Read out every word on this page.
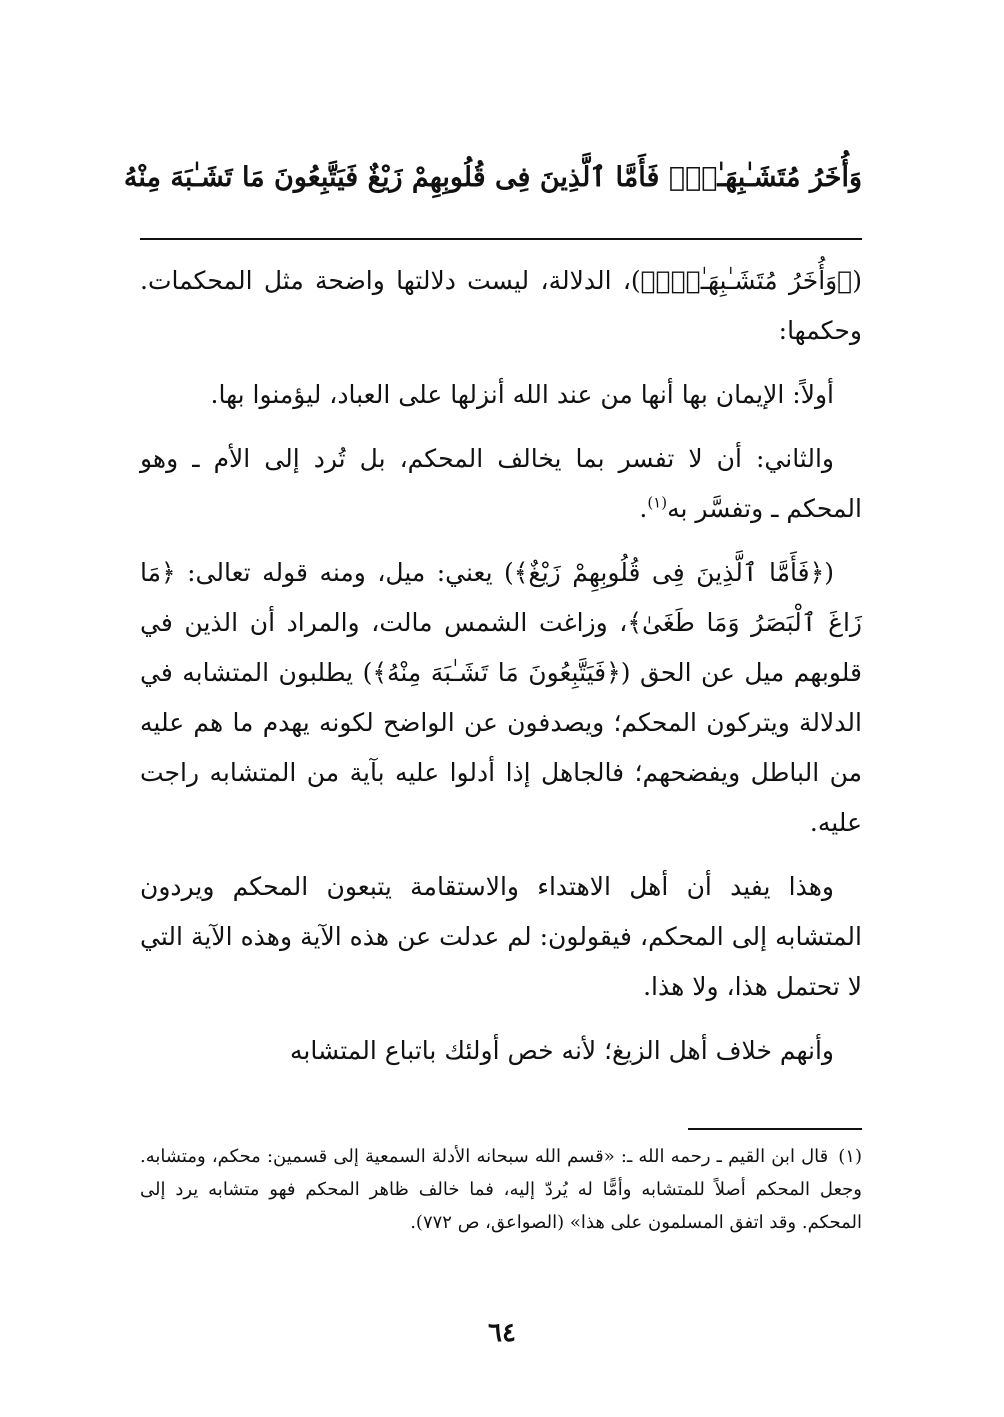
وَأُخَرُ مُتَشَـٰبِهَـٰتٌۖ فَأَمَّا ٱلَّذِينَ فِى قُلُوبِهِمْ زَيْغٌ فَيَتَّبِعُونَ مَا تَشَـٰبَهَ مِنْهُ

(﴿وَأُخَرُ مُتَشَـٰبِهَـٰتٌۖ﴾)، الدلالة، ليست دلالتها واضحة مثل المحكمات. وحكمها:

أولاً: الإيمان بها أنها من عند الله أنزلها على العباد، ليؤمنوا بها.

والثاني: أن لا تفسر بما يخالف المحكم، بل تُرد إلى الأم ـ وهو المحكم ـ وتفسَّر به$^{(١)}$.

(﴿فَأَمَّا ٱلَّذِينَ فِى قُلُوبِهِمْ زَيْغٌ﴾) يعني: ميل، ومنه قوله تعالى: ﴿مَا زَاغَ ٱلْبَصَرُ وَمَا طَغَىٰ﴾، وزاغت الشمس مالت، والمراد أن الذين في قلوبهم ميل عن الحق (﴿فَيَتَّبِعُونَ مَا تَشَـٰبَهَ مِنْهُ﴾) يطلبون المتشابه في الدلالة ويتركون المحكم؛ ويصدفون عن الواضح لكونه يهدم ما هم عليه من الباطل ويفضحهم؛ فالجاهل إذا أدلوا عليه بآية من المتشابه راجت عليه.

وهذا يفيد أن أهل الاهتداء والاستقامة يتبعون المحكم ويردون المتشابه إلى المحكم، فيقولون: لم عدلت عن هذه الآية وهذه الآية التي لا تحتمل هذا، ولا هذا.

وأنهم خلاف أهل الزيغ؛ لأنه خص أولئك باتباع المتشابه

(١)قال ابن القيم ـ رحمه الله ـ: «قسم الله سبحانه الأدلة السمعية إلى قسمين: محكم، ومتشابه. وجعل المحكم أصلاً للمتشابه وأمًّا له يُردّ إليه، فما خالف ظاهر المحكم فهو متشابه يرد إلى المحكم. وقد اتفق المسلمون على هذا» (الصواعق، ص ٧٧٢).
٦٤
